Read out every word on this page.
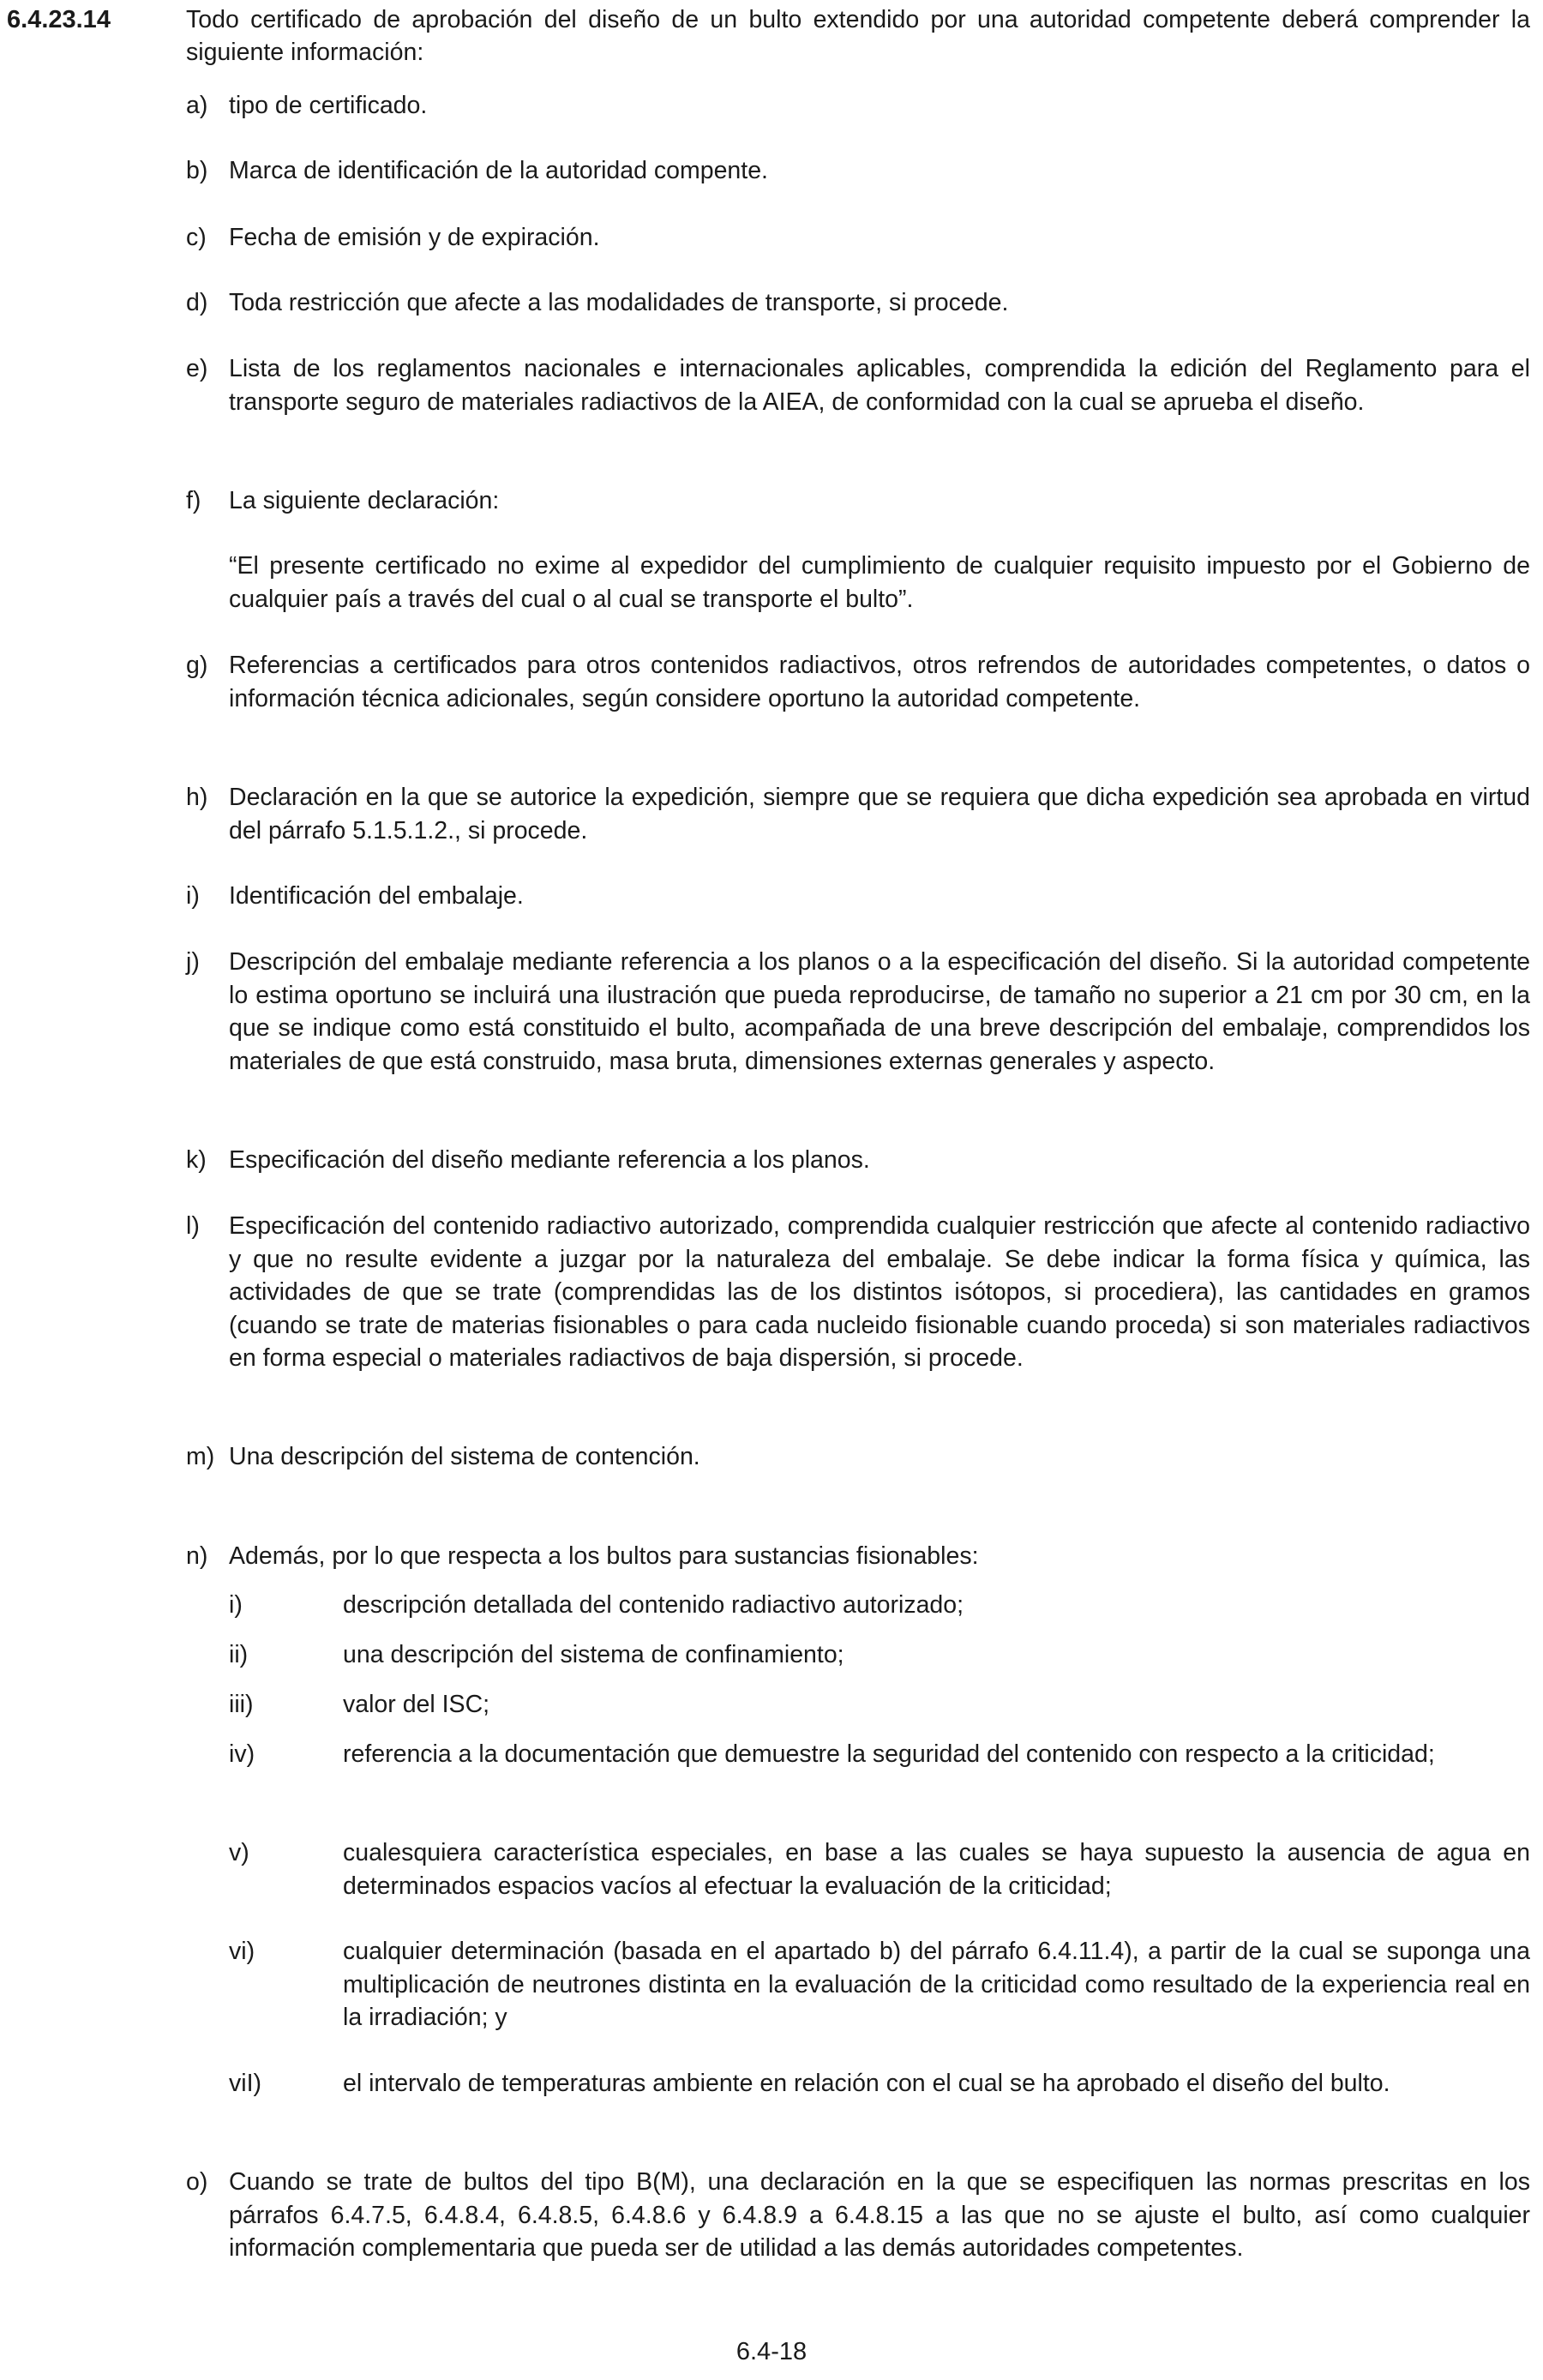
6.4.23.14	Todo certificado de aprobación del diseño de un bulto extendido por una autoridad competente deberá comprender la siguiente información:
a) tipo de certificado.
b) Marca de identificación de la autoridad compente.
c) Fecha de emisión y de expiración.
d) Toda restricción que afecte a las modalidades de transporte, si procede.
e) Lista de los reglamentos nacionales e internacionales aplicables, comprendida la edición del Reglamento para el transporte seguro de materiales radiactivos de la AIEA, de conformidad con la cual se aprueba el diseño.
f) La siguiente declaración:
“El presente certificado no exime al expedidor del cumplimiento de cualquier requisito impuesto por el Gobierno de cualquier país a través del cual o al cual se transporte el bulto”.
g) Referencias a certificados para otros contenidos radiactivos, otros refrendos de autoridades competentes, o datos o información técnica adicionales, según considere oportuno la autoridad competente.
h) Declaración en la que se autorice la expedición, siempre que se requiera que dicha expedición sea aprobada en virtud del párrafo 5.1.5.1.2., si procede.
i) Identificación del embalaje.
j) Descripción del embalaje mediante referencia a los planos o a la especificación del diseño. Si la autoridad competente lo estima oportuno se incluirá una ilustración que pueda reproducirse, de tamaño no superior a 21 cm por 30 cm, en la que se indique como está constituido el bulto, acompañada de una breve descripción del embalaje, comprendidos los materiales de que está construido, masa bruta, dimensiones externas generales y aspecto.
k) Especificación del diseño mediante referencia a los planos.
l) Especificación del contenido radiactivo autorizado, comprendida cualquier restricción que afecte al contenido radiactivo y que no resulte evidente a juzgar por la naturaleza del embalaje. Se debe indicar la forma física y química, las actividades de que se trate (comprendidas las de los distintos isótopos, si procediera), las cantidades en gramos (cuando se trate de materias fisionables o para cada nucleido fisionable cuando proceda) si son materiales radiactivos en forma especial o materiales radiactivos de baja dispersión, si procede.
m) Una descripción del sistema de contención.
n) Además, por lo que respecta a los bultos para sustancias fisionables:
i)	descripción detallada del contenido radiactivo autorizado;
ii)	una descripción del sistema de confinamiento;
iii)	valor del ISC;
iv)	referencia a la documentación que demuestre la seguridad del contenido con respecto a la criticidad;
v)	cualesquiera característica especiales, en base a las cuales se haya supuesto la ausencia de agua en determinados espacios vacíos al efectuar la evaluación de la criticidad;
vi)	cualquier determinación (basada en el apartado b) del párrafo 6.4.11.4), a partir de la cual se suponga una multiplicación de neutrones distinta en la evaluación de la criticidad como resultado de la experiencia real en la irradiación; y
viI)	el intervalo de temperaturas ambiente en relación con el cual se ha aprobado el diseño del bulto.
o) Cuando se trate de bultos del tipo B(M), una declaración en la que se especifiquen las normas prescritas en los párrafos 6.4.7.5, 6.4.8.4, 6.4.8.5, 6.4.8.6 y 6.4.8.9 a 6.4.8.15 a las que no se ajuste el bulto, así como cualquier información complementaria que pueda ser de utilidad a las demás autoridades competentes.
6.4-18
